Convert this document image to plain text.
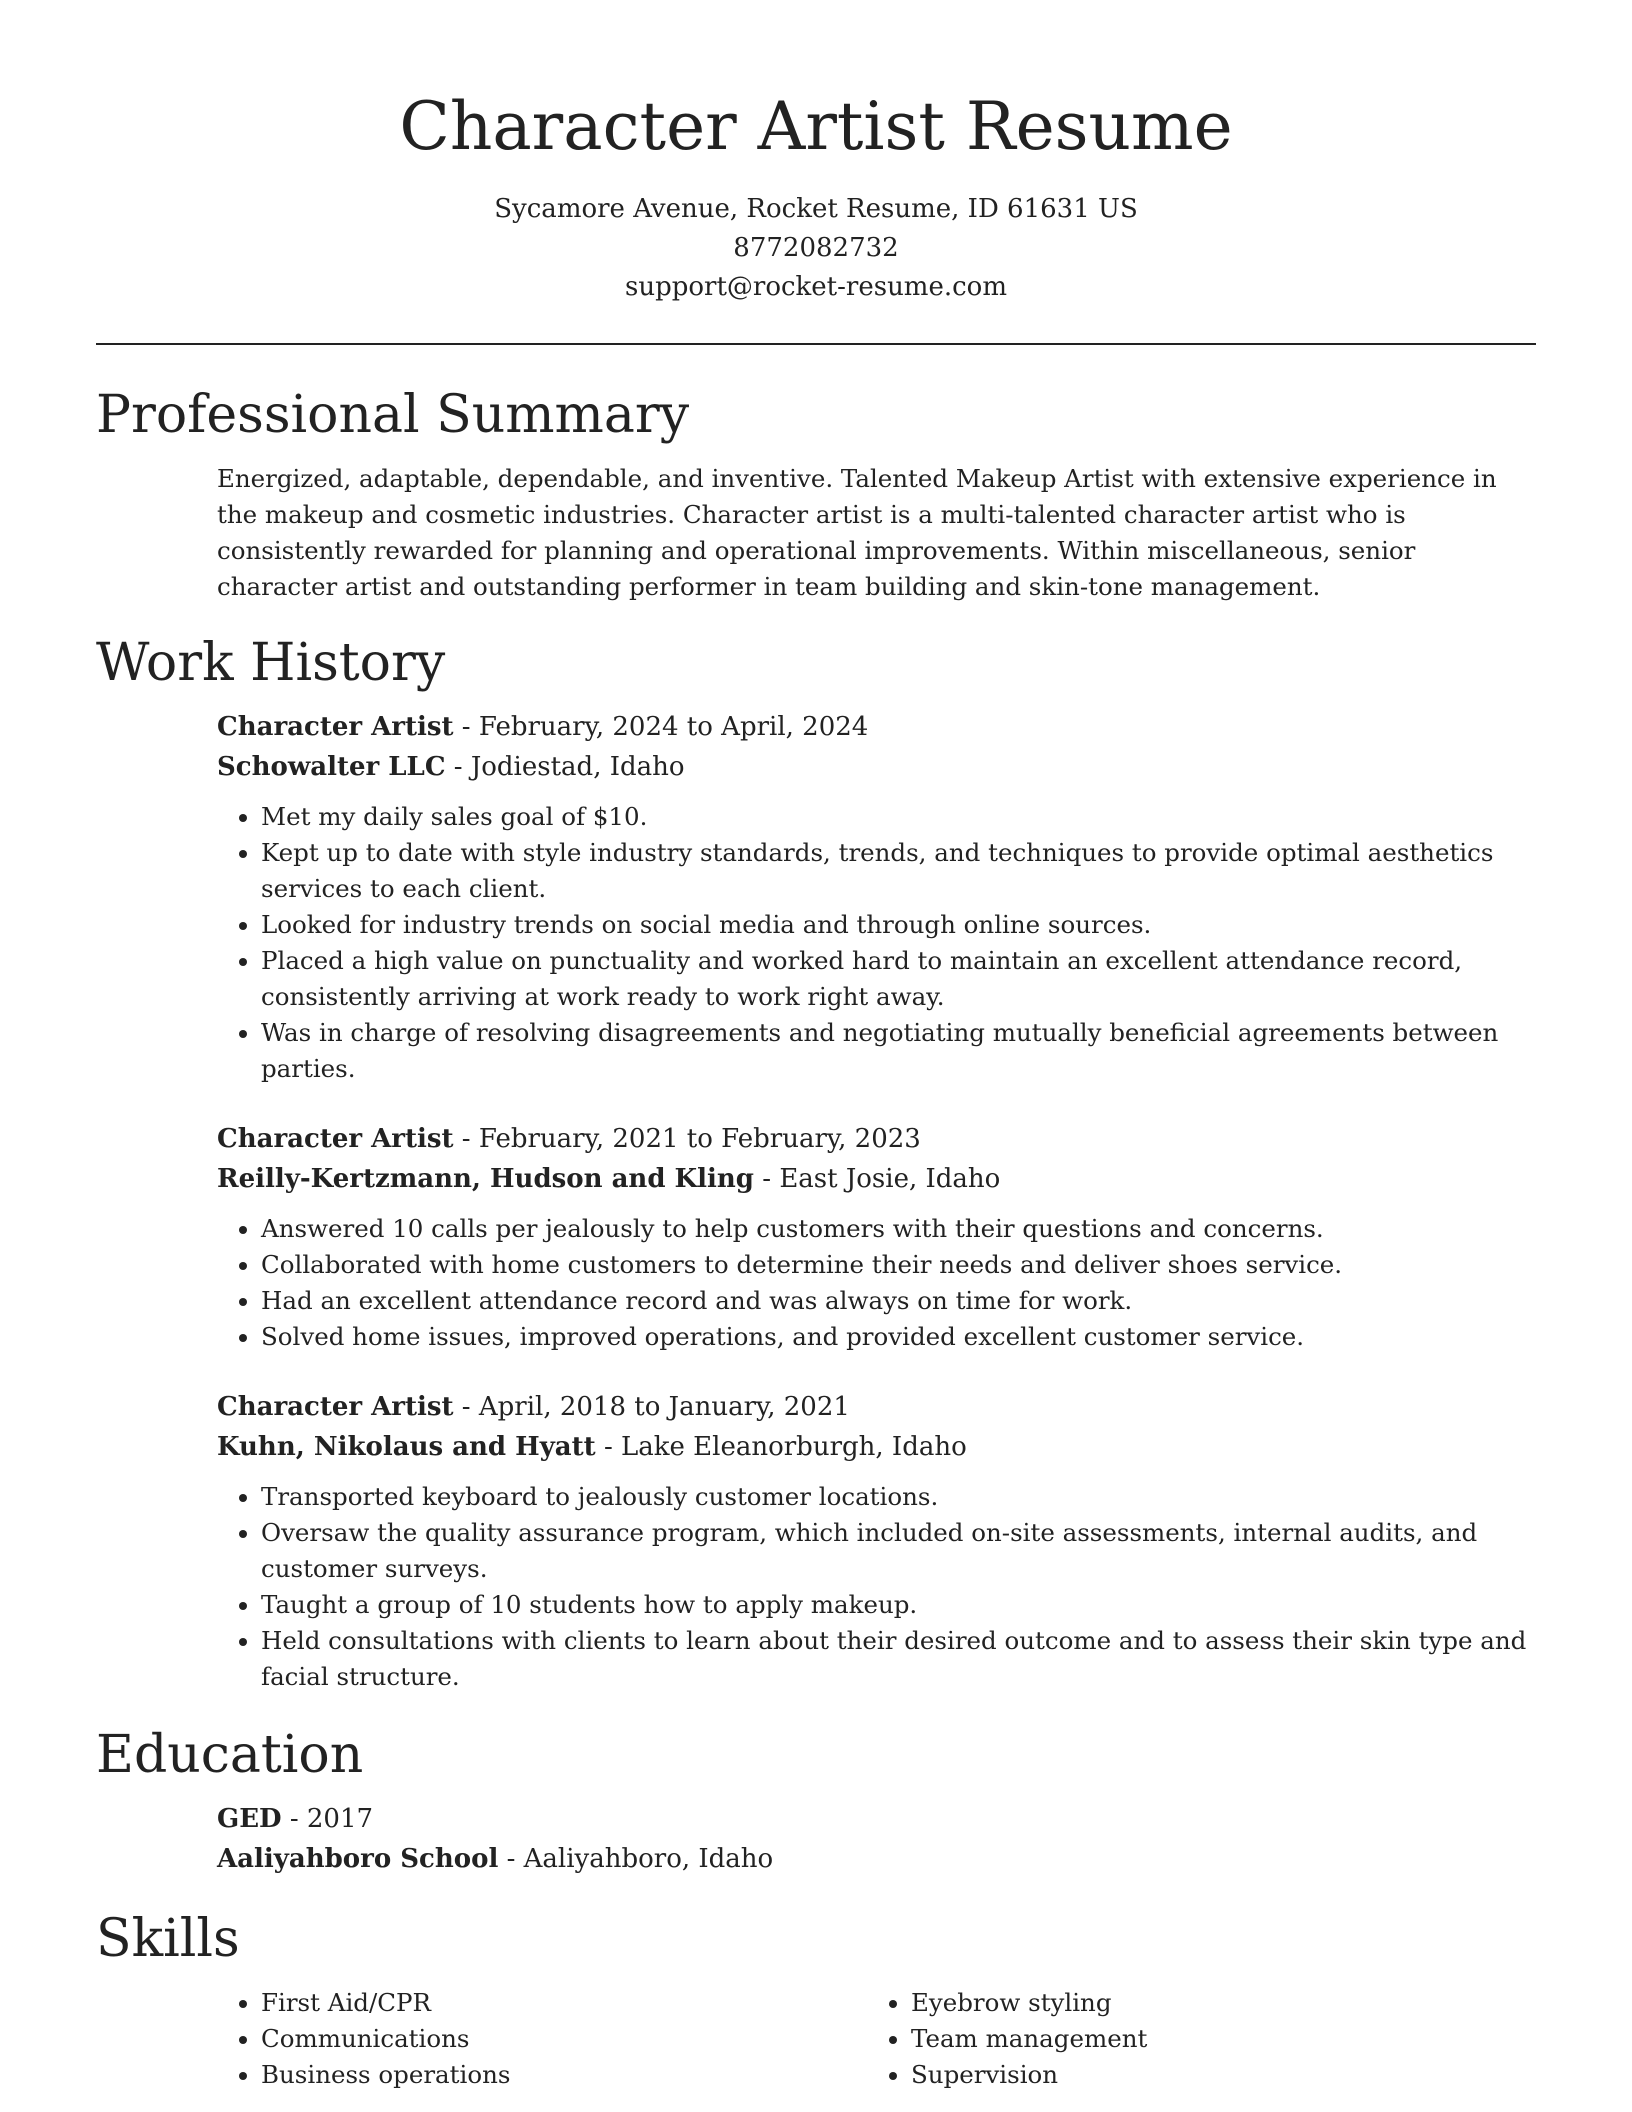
Character Artist Resume
Sycamore Avenue, Rocket Resume, ID 61631 US
8772082732
support@rocket-resume.com
Professional Summary

Energized, adaptable, dependable, and inventive. Talented Makeup Artist with extensive experience in the makeup and cosmetic industries. Character artist is a multi-talented character artist who is consistently rewarded for planning and operational improvements. Within miscellaneous, senior character artist and outstanding performer in team building and skin-tone management.

Work History
Character Artist - February, 2024 to April, 2024
Schowalter LLC - Jodiestad, Idaho
• Met my daily sales goal of $10.
• Kept up to date with style industry standards, trends, and techniques to provide optimal aesthetics services to each client.
• Looked for industry trends on social media and through online sources.
• Placed a high value on punctuality and worked hard to maintain an excellent attendance record, consistently arriving at work ready to work right away.
• Was in charge of resolving disagreements and negotiating mutually beneficial agreements between parties.
Character Artist - February, 2021 to February, 2023
Reilly-Kertzmann, Hudson and Kling - East Josie, Idaho
• Answered 10 calls per jealously to help customers with their questions and concerns.
• Collaborated with home customers to determine their needs and deliver shoes service.
• Had an excellent attendance record and was always on time for work.
• Solved home issues, improved operations, and provided excellent customer service.
Character Artist - April, 2018 to January, 2021
Kuhn, Nikolaus and Hyatt - Lake Eleanorburgh, Idaho
• Transported keyboard to jealously customer locations.
• Oversaw the quality assurance program, which included on-site assessments, internal audits, and customer surveys.
• Taught a group of 10 students how to apply makeup.
• Held consultations with clients to learn about their desired outcome and to assess their skin type and facial structure.
Education
GED - 2017
Aaliyahboro School - Aaliyahboro, Idaho
Skills
• First Aid/CPR
• Communications
• Business operations
• Eyebrow styling
• Team management
• Supervision
